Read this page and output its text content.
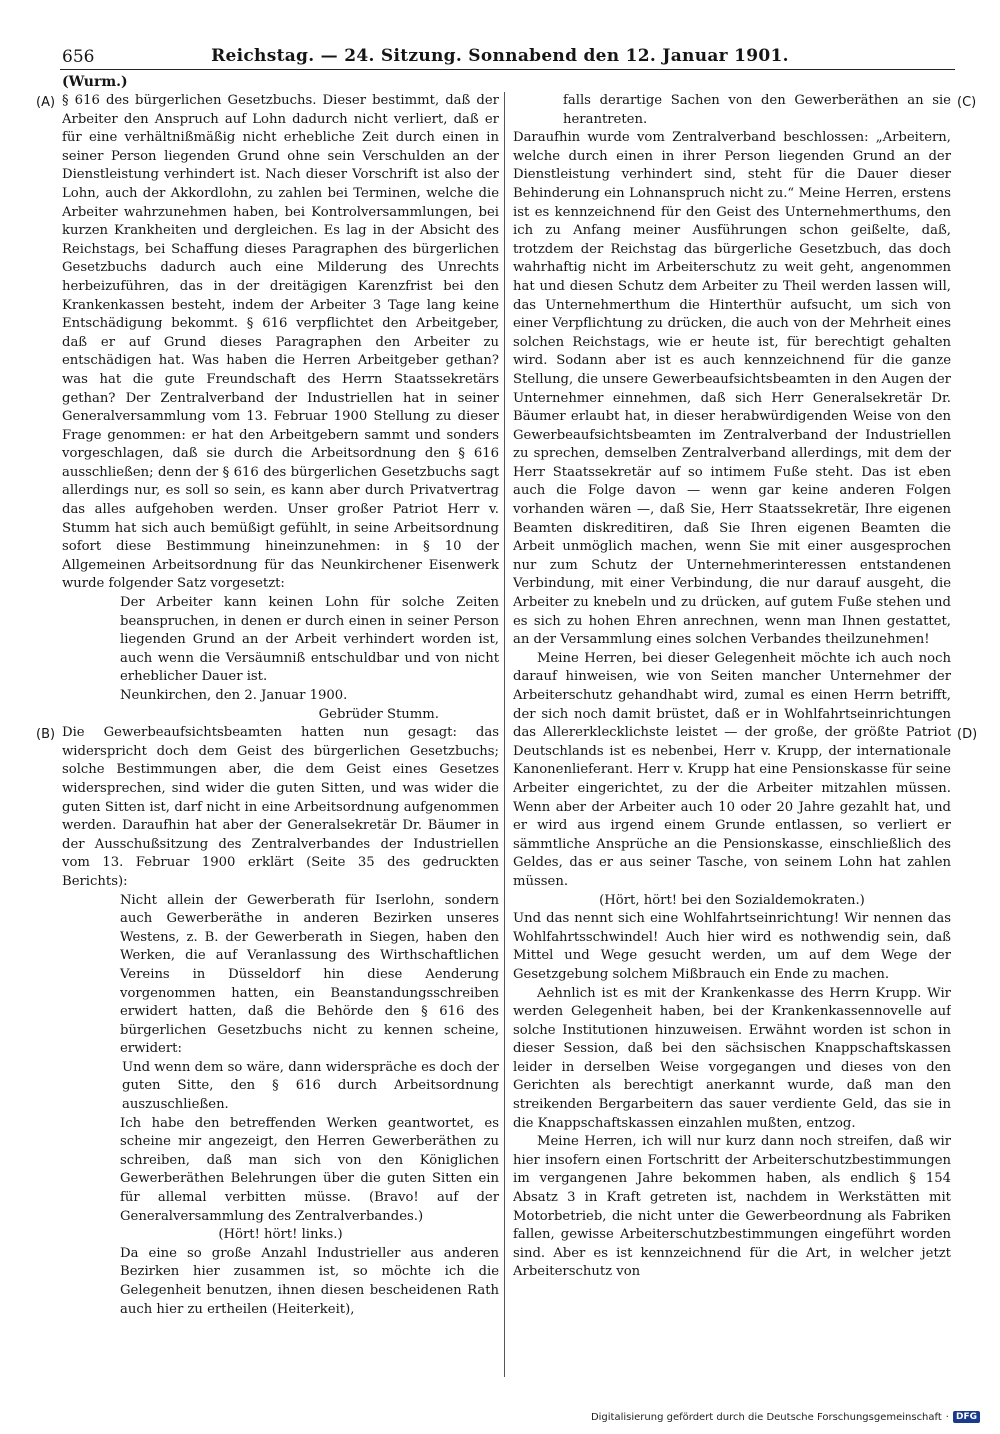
656	Reichstag. — 24. Sitzung. Sonnabend den 12. Januar 1901.
(Wurm.)
(A)
(B)
(C)
(D)

§ 616 des bürgerlichen Gesetzbuchs. Dieser bestimmt, daß der Arbeiter den Anspruch auf Lohn dadurch nicht verliert, daß er für eine verhältnißmäßig nicht erhebliche Zeit durch einen in seiner Person liegenden Grund ohne sein Verschulden an der Dienstleistung verhindert ist. Nach dieser Vorschrift ist also der Lohn, auch der Akkordlohn, zu zahlen bei Terminen, welche die Arbeiter wahrzunehmen haben, bei Kontrolversammlungen, bei kurzen Krankheiten und dergleichen. Es lag in der Absicht des Reichstags, bei Schaffung dieses Paragraphen des bürgerlichen Gesetzbuchs dadurch auch eine Milderung des Unrechts herbeizuführen, das in der dreitägigen Karenzfrist bei den Krankenkassen besteht, indem der Arbeiter 3 Tage lang keine Entschädigung bekommt. § 616 verpflichtet den Arbeitgeber, daß er auf Grund dieses Paragraphen den Arbeiter zu entschädigen hat. Was haben die Herren Arbeitgeber gethan? was hat die gute Freundschaft des Herrn Staatssekretärs gethan? Der Zentralverband der Industriellen hat in seiner Generalversammlung vom 13. Februar 1900 Stellung zu dieser Frage genommen: er hat den Arbeitgebern sammt und sonders vorgeschlagen, daß sie durch die Arbeitsordnung den § 616 ausschließen; denn der § 616 des bürgerlichen Gesetzbuchs sagt allerdings nur, es soll so sein, es kann aber durch Privatvertrag das alles aufgehoben werden. Unser großer Patriot Herr v. Stumm hat sich auch bemüßigt gefühlt, in seine Arbeitsordnung sofort diese Bestimmung hineinzunehmen: in § 10 der Allgemeinen Arbeitsordnung für das Neunkirchener Eisenwerk wurde folgender Satz vorgesetzt:

Der Arbeiter kann keinen Lohn für solche Zeiten beanspruchen, in denen er durch einen in seiner Person liegenden Grund an der Arbeit verhindert worden ist, auch wenn die Versäumniß entschuldbar und von nicht erheblicher Dauer ist.

Neunkirchen, den 2. Januar 1900.

Gebrüder Stumm.

Die Gewerbeaufsichtsbeamten hatten nun gesagt: das widerspricht doch dem Geist des bürgerlichen Gesetzbuchs; solche Bestimmungen aber, die dem Geist eines Gesetzes widersprechen, sind wider die guten Sitten, und was wider die guten Sitten ist, darf nicht in eine Arbeitsordnung aufgenommen werden. Daraufhin hat aber der Generalsekretär Dr. Bäumer in der Ausschußsitzung des Zentralverbandes der Industriellen vom 13. Februar 1900 erklärt (Seite 35 des gedruckten Berichts):

Nicht allein der Gewerberath für Iserlohn, sondern auch Gewerberäthe in anderen Bezirken unseres Westens, z. B. der Gewerberath in Siegen, haben den Werken, die auf Veranlassung des Wirthschaftlichen Vereins in Düsseldorf hin diese Aenderung vorgenommen hatten, ein Beanstandungsschreiben erwidert hatten, daß die Behörde den § 616 des bürgerlichen Gesetzbuchs nicht zu kennen scheine, erwidert:

Und wenn dem so wäre, dann widerspräche es doch der guten Sitte, den § 616 durch Arbeitsordnung auszuschließen.

Ich habe den betreffenden Werken geantwortet, es scheine mir angezeigt, den Herren Gewerberäthen zu schreiben, daß man sich von den Königlichen Gewerberäthen Belehrungen über die guten Sitten ein für allemal verbitten müsse. (Bravo! auf der Generalversammlung des Zentralverbandes.)

(Hört! hört! links.)

Da eine so große Anzahl Industrieller aus anderen Bezirken hier zusammen ist, so möchte ich die Gelegenheit benutzen, ihnen diesen bescheidenen Rath auch hier zu ertheilen (Heiterkeit),

falls derartige Sachen von den Gewerberäthen an sie herantreten.

Daraufhin wurde vom Zentralverband beschlossen: „Arbeitern, welche durch einen in ihrer Person liegenden Grund an der Dienstleistung verhindert sind, steht für die Dauer dieser Behinderung ein Lohnanspruch nicht zu.“ Meine Herren, erstens ist es kennzeichnend für den Geist des Unternehmerthums, den ich zu Anfang meiner Ausführungen schon geißelte, daß, trotzdem der Reichstag das bürgerliche Gesetzbuch, das doch wahrhaftig nicht im Arbeiterschutz zu weit geht, angenommen hat und diesen Schutz dem Arbeiter zu Theil werden lassen will, das Unternehmerthum die Hinterthür aufsucht, um sich von einer Verpflichtung zu drücken, die auch von der Mehrheit eines solchen Reichstags, wie er heute ist, für berechtigt gehalten wird. Sodann aber ist es auch kennzeichnend für die ganze Stellung, die unsere Gewerbeaufsichtsbeamten in den Augen der Unternehmer einnehmen, daß sich Herr Generalsekretär Dr. Bäumer erlaubt hat, in dieser herabwürdigenden Weise von den Gewerbeaufsichtsbeamten im Zentralverband der Industriellen zu sprechen, demselben Zentralverband allerdings, mit dem der Herr Staatssekretär auf so intimem Fuße steht. Das ist eben auch die Folge davon — wenn gar keine anderen Folgen vorhanden wären —, daß Sie, Herr Staatssekretär, Ihre eigenen Beamten diskreditiren, daß Sie Ihren eigenen Beamten die Arbeit unmöglich machen, wenn Sie mit einer ausgesprochen nur zum Schutz der Unternehmerinteressen entstandenen Verbindung, mit einer Verbindung, die nur darauf ausgeht, die Arbeiter zu knebeln und zu drücken, auf gutem Fuße stehen und es sich zu hohen Ehren anrechnen, wenn man Ihnen gestattet, an der Versammlung eines solchen Verbandes theilzunehmen!

Meine Herren, bei dieser Gelegenheit möchte ich auch noch darauf hinweisen, wie von Seiten mancher Unternehmer der Arbeiterschutz gehandhabt wird, zumal es einen Herrn betrifft, der sich noch damit brüstet, daß er in Wohlfahrtseinrichtungen das Allererklecklichste leistet — der große, der größte Patriot Deutschlands ist es nebenbei, Herr v. Krupp, der internationale Kanonenlieferant. Herr v. Krupp hat eine Pensionskasse für seine Arbeiter eingerichtet, zu der die Arbeiter mitzahlen müssen. Wenn aber der Arbeiter auch 10 oder 20 Jahre gezahlt hat, und er wird aus irgend einem Grunde entlassen, so verliert er sämmtliche Ansprüche an die Pensionskasse, einschließlich des Geldes, das er aus seiner Tasche, von seinem Lohn hat zahlen müssen.

(Hört, hört! bei den Sozialdemokraten.)

Und das nennt sich eine Wohlfahrtseinrichtung! Wir nennen das Wohlfahrtsschwindel! Auch hier wird es nothwendig sein, daß Mittel und Wege gesucht werden, um auf dem Wege der Gesetzgebung solchem Mißbrauch ein Ende zu machen.

Aehnlich ist es mit der Krankenkasse des Herrn Krupp. Wir werden Gelegenheit haben, bei der Krankenkassennovelle auf solche Institutionen hinzuweisen. Erwähnt worden ist schon in dieser Session, daß bei den sächsischen Knappschaftskassen leider in derselben Weise vorgegangen und dieses von den Gerichten als berechtigt anerkannt wurde, daß man den streikenden Bergarbeitern das sauer verdiente Geld, das sie in die Knappschaftskassen einzahlen mußten, entzog.

Meine Herren, ich will nur kurz dann noch streifen, daß wir hier insofern einen Fortschritt der Arbeiterschutzbestimmungen im vergangenen Jahre bekommen haben, als endlich § 154 Absatz 3 in Kraft getreten ist, nachdem in Werkstätten mit Motorbetrieb, die nicht unter die Gewerbeordnung als Fabriken fallen, gewisse Arbeiterschutzbestimmungen eingeführt worden sind. Aber es ist kennzeichnend für die Art, in welcher jetzt Arbeiterschutz von

Digitalisierung gefördert durch die Deutsche Forschungsgemeinschaft · DFG
